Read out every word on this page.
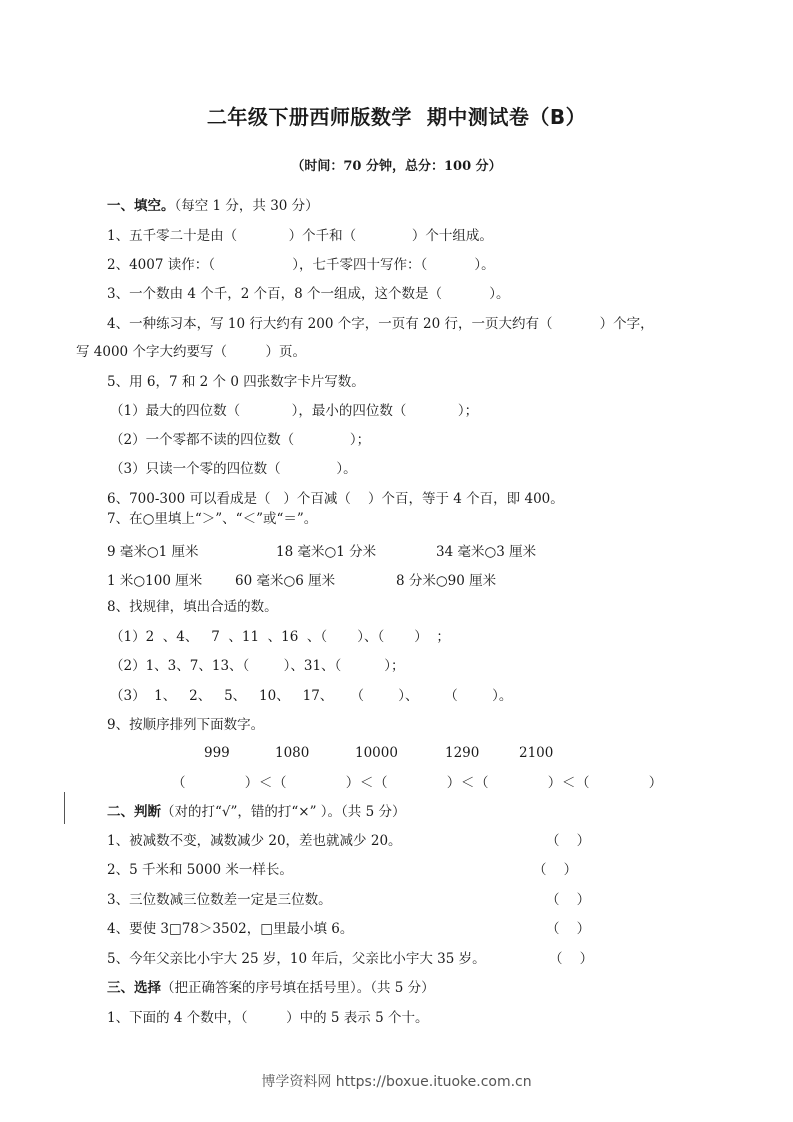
二年级下册西师版数学  期中测试卷（B）
（时间：70 分钟，总分：100 分）
一、填空。（每空 1 分，共 30 分）
1、五千零二十是由（            ）个千和（             ）个十组成。
2、4007 读作：（                  ），七千零四十写作：（           ）。
3、一个数由 4 个千，2 个百，8 个一组成，这个数是（           ）。
4、一种练习本，写 10 行大约有 200 个字，一页有 20 行，一页大约有（           ）个字，
写 4000 个字大约要写（         ）页。
5、用 6，7 和 2 个 0 四张数字卡片写数。
（1）最大的四位数（            ），最小的四位数（            ）；
（2）一个零都不读的四位数（             ）；
（3）只读一个零的四位数（             ）。
6、700-300 可以看成是（   ）个百减（    ）个百，等于 4 个百，即 400。
7、在○里填上“＞”、“＜”或“＝”。
9 毫米○1 厘米	18 毫米○1 分米	34 毫米○3 厘米
1 米○100 厘米 60 毫米○6 厘米	8 分米○90 厘米
8、找规律，填出合适的数。
（1）2  、4、   7  、11  、16  、（       ）、（       ）  ；
（2）1、3、7、13、（        ）、31、（          ）；
（3）  1、   2、   5、   10、   17、    （        ）、      （        ）。
9、按顺序排列下面数字。
999	1080	10000	1290	2100
（            ）＜（            ）＜（            ）＜（            ）＜（            ）
二、判断（对的打“√”，错的打“×” ）。（共 5 分）
1、被减数不变，减数减少 20，差也就减少 20。	（    ）
2、5 千米和 5000 米一样长。	（    ）
3、三位数减三位数差一定是三位数。	（    ）
4、要使 3□78＞3502，□里最小填 6。	（    ）
5、今年父亲比小宇大 25 岁，10 年后，父亲比小宇大 35 岁。	（    ）
三、选择（把正确答案的序号填在括号里）。（共 5 分）
1、下面的 4 个数中，（         ）中的 5 表示 5 个十。
博学资料网 https://boxue.ituoke.com.cn
